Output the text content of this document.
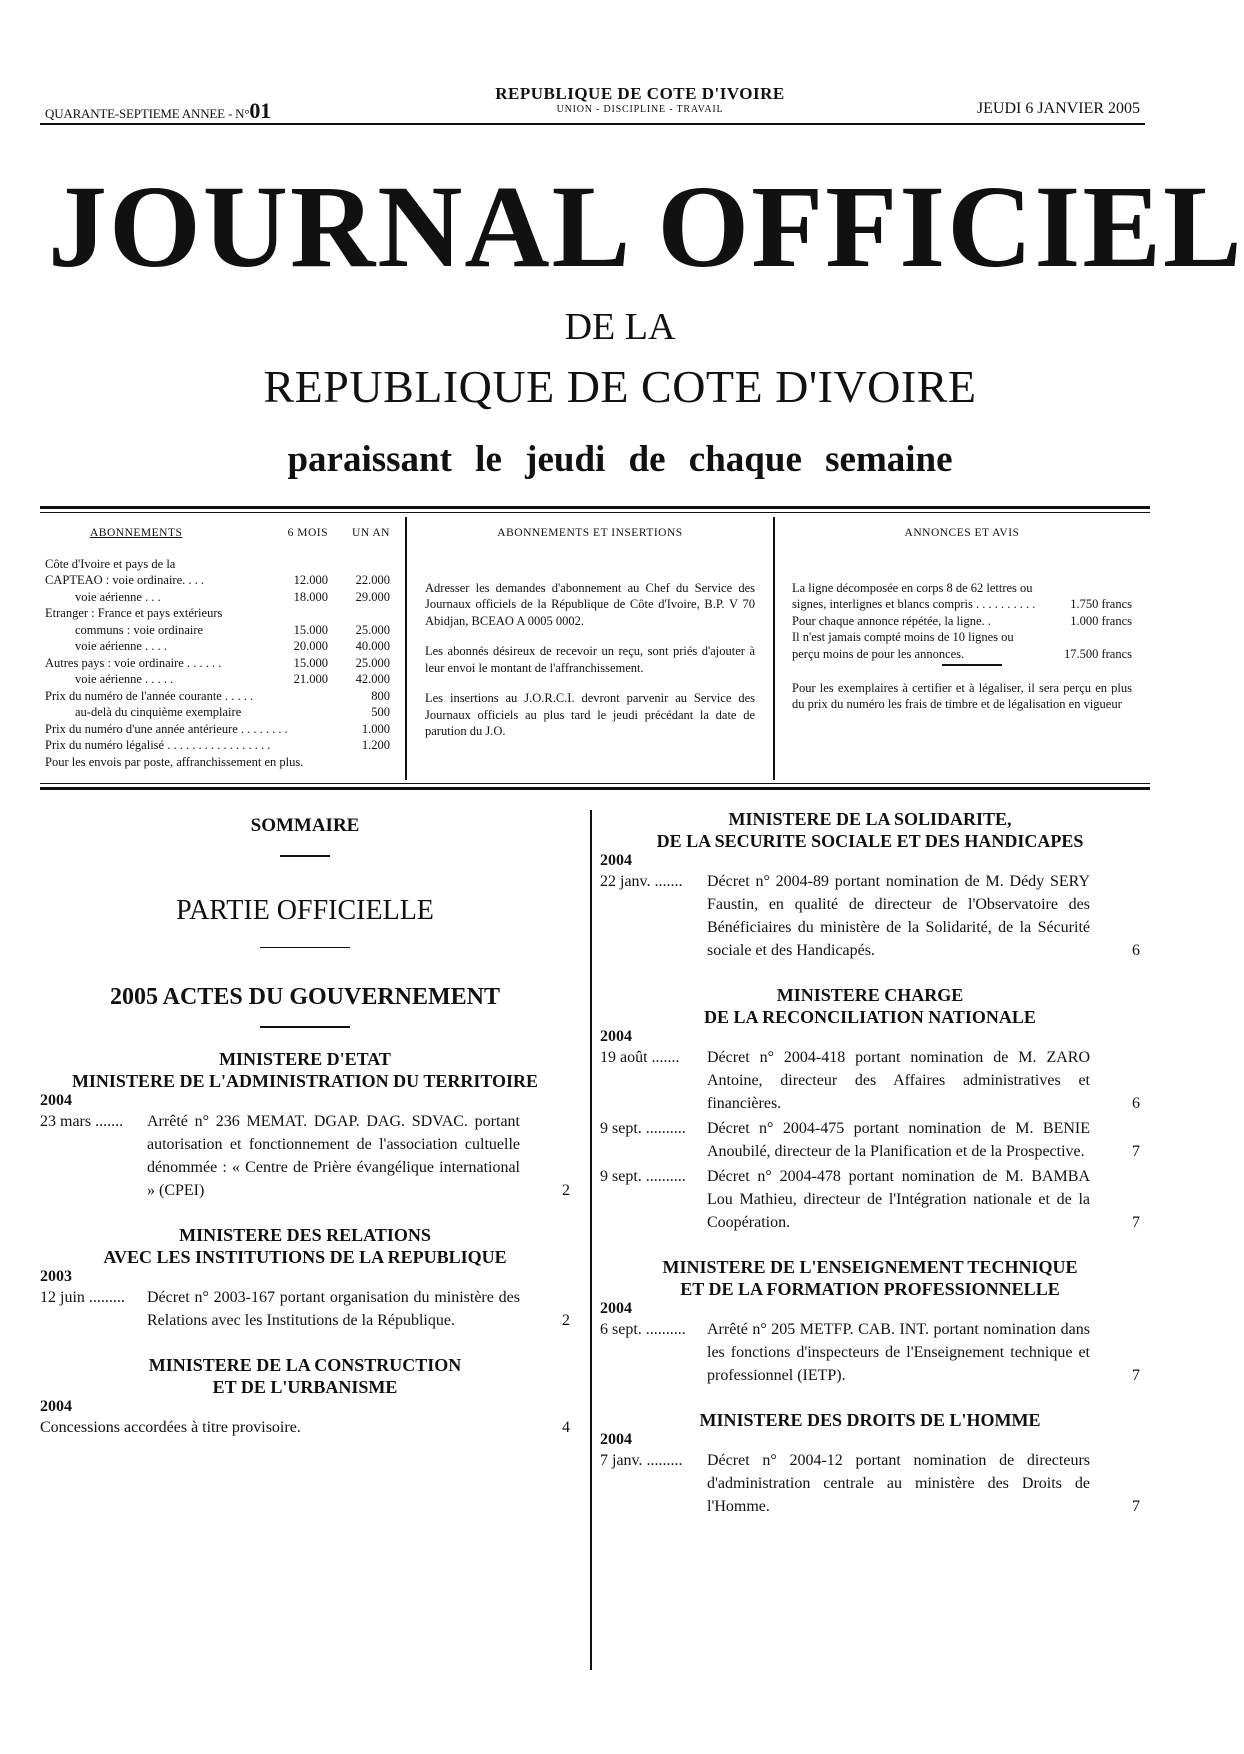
QUARANTE-SEPTIEME ANNEE - N°01
REPUBLIQUE DE COTE D'IVOIRE
UNION - DISCIPLINE - TRAVAIL	JEUDI 6 JANVIER 2005
JOURNAL OFFICIEL
DE LA
REPUBLIQUE DE COTE D'IVOIRE
paraissant le jeudi de chaque semaine
ABONNEMENTS	6 MOIS	UN AN
Côte d'Ivoire et pays de la
CAPTEAO : voie ordinaire. . . .	12.000	22.000
voie aérienne . . .	18.000	29.000
Etranger : France et pays extérieurs
communs : voie ordinaire	15.000	25.000
voie aérienne . . . .	20.000	40.000
Autres pays : voie ordinaire . . . . . .	15.000	25.000
voie aérienne . . . . .	21.000	42.000
Prix du numéro de l'année courante . . . . .	800
au-delà du cinquième exemplaire	500
Prix du numéro d'une année antérieure . . . . . . . .	1.000
Prix du numéro légalisé . . . . . . . . . . . . . . . . .	1.200
Pour les envois par poste, affranchissement en plus.
ABONNEMENTS ET INSERTIONS
Adresser les demandes d'abonnement au Chef du Service des Journaux officiels de la République de Côte d'Ivoire, B.P. V 70 Abidjan, BCEAO A 0005 0002.
Les abonnés désireux de recevoir un reçu, sont priés d'ajouter à leur envoi le montant de l'affranchissement.
Les insertions au J.O.R.C.I. devront parvenir au Service des Journaux officiels au plus tard le jeudi précédant la date de parution du J.O.
ANNONCES ET AVIS
La ligne décomposée en corps 8 de 62 lettres ou signes, interlignes et blancs compris . . . . . . . . . .	1.750 francs
Pour chaque annonce répétée, la ligne. .	1.000 francs
Il n'est jamais compté moins de 10 lignes ou perçu moins de pour les annonces.	17.500 francs
Pour les exemplaires à certifier et à légaliser, il sera perçu en plus du prix du numéro les frais de timbre et de légalisation en vigueur
SOMMAIRE
PARTIE OFFICIELLE
2005 ACTES DU GOUVERNEMENT
MINISTERE D'ETAT
MINISTERE DE L'ADMINISTRATION DU TERRITOIRE
2004
23 mars .......	Arrêté n° 236 MEMAT. DGAP. DAG. SDVAC. portant autorisation et fonctionnement de l'association cultuelle dénommée : « Centre de Prière évangélique international » (CPEI)	2
MINISTERE DES RELATIONS
AVEC LES INSTITUTIONS DE LA REPUBLIQUE
2003
12 juin .........	Décret n° 2003-167 portant organisation du ministère des Relations avec les Institutions de la République.	2
MINISTERE DE LA CONSTRUCTION
ET DE L'URBANISME
2004
Concessions accordées à titre provisoire.	4
MINISTERE DE LA SOLIDARITE,
DE LA SECURITE SOCIALE ET DES HANDICAPES
2004
22 janv. .......	Décret n° 2004-89 portant nomination de M. Dédy SERY Faustin, en qualité de directeur de l'Observatoire des Bénéficiaires du ministère de la Solidarité, de la Sécurité sociale et des Handicapés.	6
MINISTERE CHARGE
DE LA RECONCILIATION NATIONALE
2004
19 août .......	Décret n° 2004-418 portant nomination de M. ZARO Antoine, directeur des Affaires administratives et financières.	6
9 sept. ..........	Décret n° 2004-475 portant nomination de M. BENIE Anoubilé, directeur de la Planification et de la Prospective.	7
9 sept. ..........	Décret n° 2004-478 portant nomination de M. BAMBA Lou Mathieu, directeur de l'Intégration nationale et de la Coopération.	7
MINISTERE DE L'ENSEIGNEMENT TECHNIQUE
ET DE LA FORMATION PROFESSIONNELLE
2004
6 sept. ..........	Arrêté n° 205 METFP. CAB. INT. portant nomination dans les fonctions d'inspecteurs de l'Enseignement technique et professionnel (IETP).	7
MINISTERE DES DROITS DE L'HOMME
2004
7 janv. .........	Décret n° 2004-12 portant nomination de directeurs d'administration centrale au ministère des Droits de l'Homme.	7
